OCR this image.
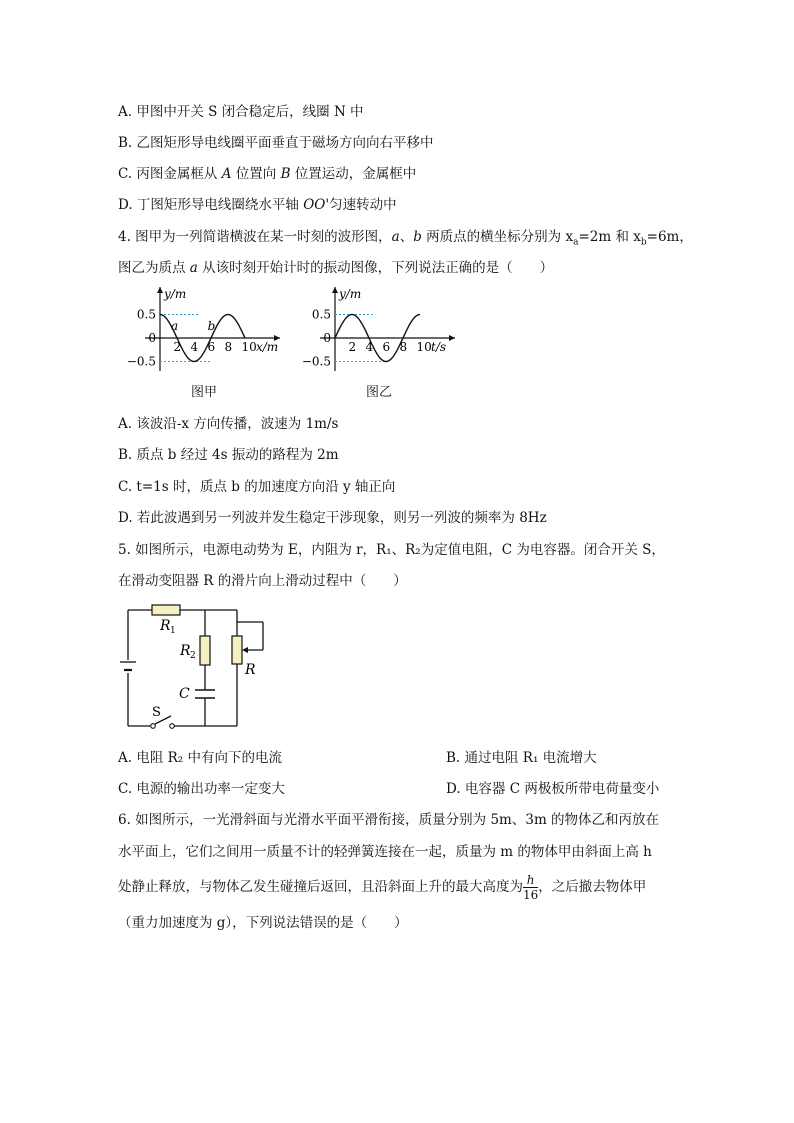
A. 甲图中开关 S 闭合稳定后，线圈 N 中
B. 乙图矩形导电线圈平面垂直于磁场方向向右平移中
C. 丙图金属框从 A 位置向 B 位置运动，金属框中
D. 丁图矩形导电线圈绕水平轴 OO'匀速转动中
4. 图甲为一列简谐横波在某一时刻的波形图，a、b 两质点的横坐标分别为 $x_a=2m$ 和 $x_b=6m$，
图乙为质点 a 从该时刻开始计时的振动图像，下列说法正确的是（　　）
2 4 6 8 10
0.5
0
−0.5
x/m
y/m
a b
图甲
2 4 6 8 10
0.5
0
−0.5
t/s
y/m
图乙
A. 该波沿-x 方向传播，波速为 1m/s
B. 质点 b 经过 4s 振动的路程为 2m
C. t=1s 时，质点 b 的加速度方向沿 y 轴正向
D. 若此波遇到另一列波并发生稳定干涉现象，则另一列波的频率为 8Hz
5. 如图所示，电源电动势为 E，内阻为 r，R₁、R₂为定值电阻，C 为电容器。闭合开关 S，
在滑动变阻器 R 的滑片向上滑动过程中（　　）
R 1
R 2
C
R
S
A. 电阻 R₂ 中有向下的电流	B. 通过电阻 R₁ 电流增大
C. 电源的输出功率一定变大	D. 电容器 C 两极板所带电荷量变小
6. 如图所示，一光滑斜面与光滑水平面平滑衔接，质量分别为 5m、3m 的物体乙和丙放在
水平面上，它们之间用一质量不计的轻弹簧连接在一起，质量为 m 的物体甲由斜面上高 h
处静止释放，与物体乙发生碰撞后返回，且沿斜面上升的最大高度为 $\frac{h}{16}$ ，之后撤去物体甲
（重力加速度为 g），下列说法错误的是（　　）
